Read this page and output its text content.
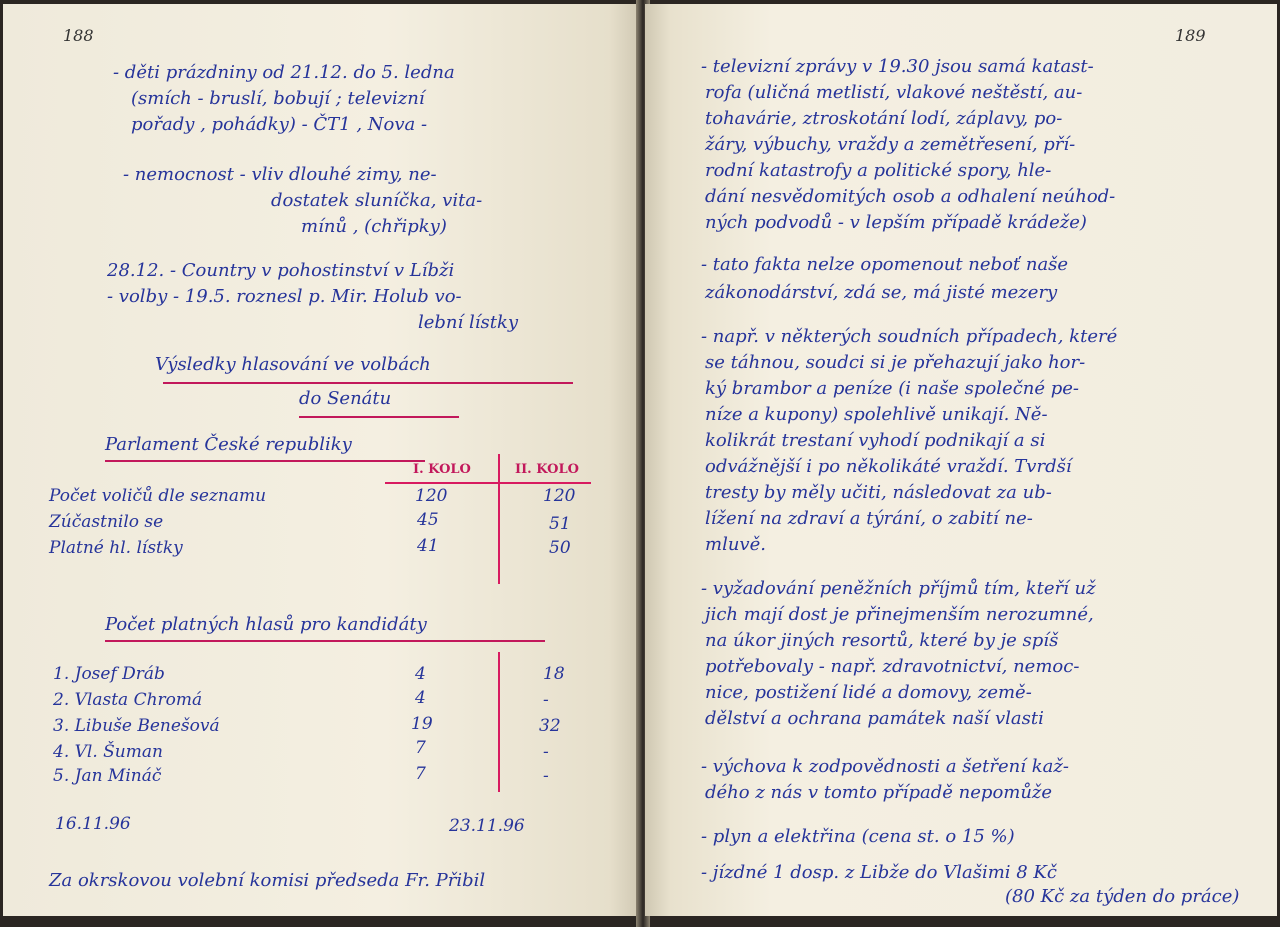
188
- děti prázdniny od 21.12. do 5. ledna
(smích - bruslí, bobují ; televizní
pořady , pohádky) - ČT1 , Nova -
- nemocnost - vliv dlouhé zimy, ne-
dostatek sluníčka, vita-
mínů , (chřipky)
28.12. - Country v pohostinství v Líbži
- volby - 19.5. roznesl p. Mir. Holub vo-
lební lístky
Výsledky hlasování ve volbách
do Senátu
Parlament České republiky
I. KOLO	II. KOLO
Počet voličů dle seznamu	120	120
Zúčastnilo se	45	51
Platné hl. lístky	41	50
Počet platných hlasů pro kandidáty
1. Josef Dráb	4	18
2. Vlasta Chromá	4	-
3. Libuše Benešová	19	32
4. Vl. Šuman	7	-
5. Jan Mináč	7	-
16.11.96	23.11.96
Za okrskovou volební komisi předseda Fr. Přibil
189
- televizní zprávy v 19.30 jsou samá katast-
rofa (uličná metlistí, vlakové neštěstí, au-
tohavárie, ztroskotání lodí, záplavy, po-
žáry, výbuchy, vraždy a zemětřesení, pří-
rodní katastrofy a politické spory, hle-
dání nesvědomitých osob a odhalení neúhod-
ných podvodů - v lepším případě krádeže)
- tato fakta nelze opomenout neboť naše
zákonodárství, zdá se, má jisté mezery
- např. v některých soudních případech, které
se táhnou, soudci si je přehazují jako hor-
ký brambor a peníze (i naše společné pe-
níze a kupony) spolehlivě unikají. Ně-
kolikrát trestaní vyhodí podnikají a si
odvážnější i po několikáté vraždí. Tvrdší
tresty by měly učiti, následovat za ub-
lížení na zdraví a týrání, o zabití ne-
mluvě.
- vyžadování peněžních příjmů tím, kteří už
jich mají dost je přinejmenším nerozumné,
na úkor jiných resortů, které by je spíš
potřebovaly - např. zdravotnictví, nemoc-
nice, postižení lidé a domovy, země-
dělství a ochrana památek naší vlasti
- výchova k zodpovědnosti a šetření kaž-
dého z nás v tomto případě nepomůže
- plyn a elektřina (cena st. o 15 %)
- jízdné 1 dosp. z Libže do Vlašimi 8 Kč
(80 Kč za týden do práce)
